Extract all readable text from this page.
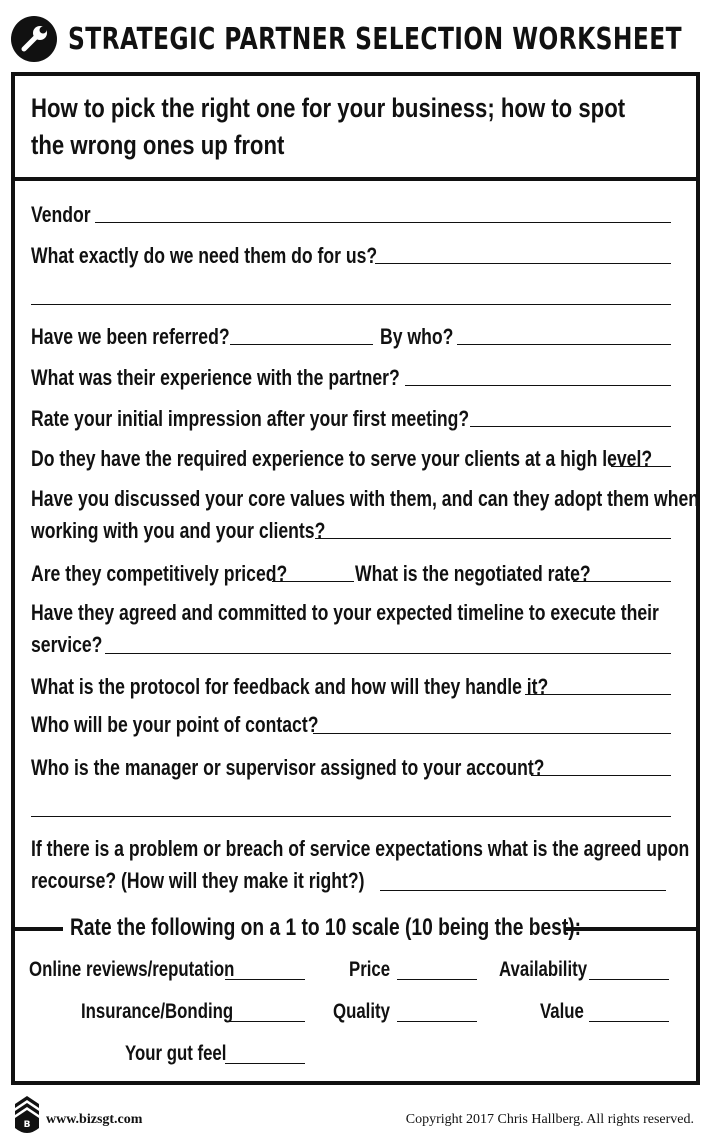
STRATEGIC PARTNER SELECTION WORKSHEET
How to pick the right one for your business; how to spot the wrong ones up front
Vendor
What exactly do we need them do for us?
Have we been referred?	By who?
What was their experience with the partner?
Rate your initial impression after your first meeting?
Do they have the required experience to serve your clients at a high level?
Have you discussed your core values with them, and can they adopt them when
working with you and your clients?
Are they competitively priced?	What is the negotiated rate?
Have they agreed and committed to your expected timeline to execute their
service?
What is the protocol for feedback and how will they handle it?
Who will be your point of contact?
Who is the manager or supervisor assigned to your account?
If there is a problem or breach of service expectations what is the agreed upon
recourse? (How will they make it right?)
Rate the following on a 1 to 10 scale (10 being the best):
Online reviews/reputation	Price	Availability
Insurance/Bonding	Quality	Value
Your gut feel
B www.bizsgt.com	Copyright 2017 Chris Hallberg. All rights reserved.
